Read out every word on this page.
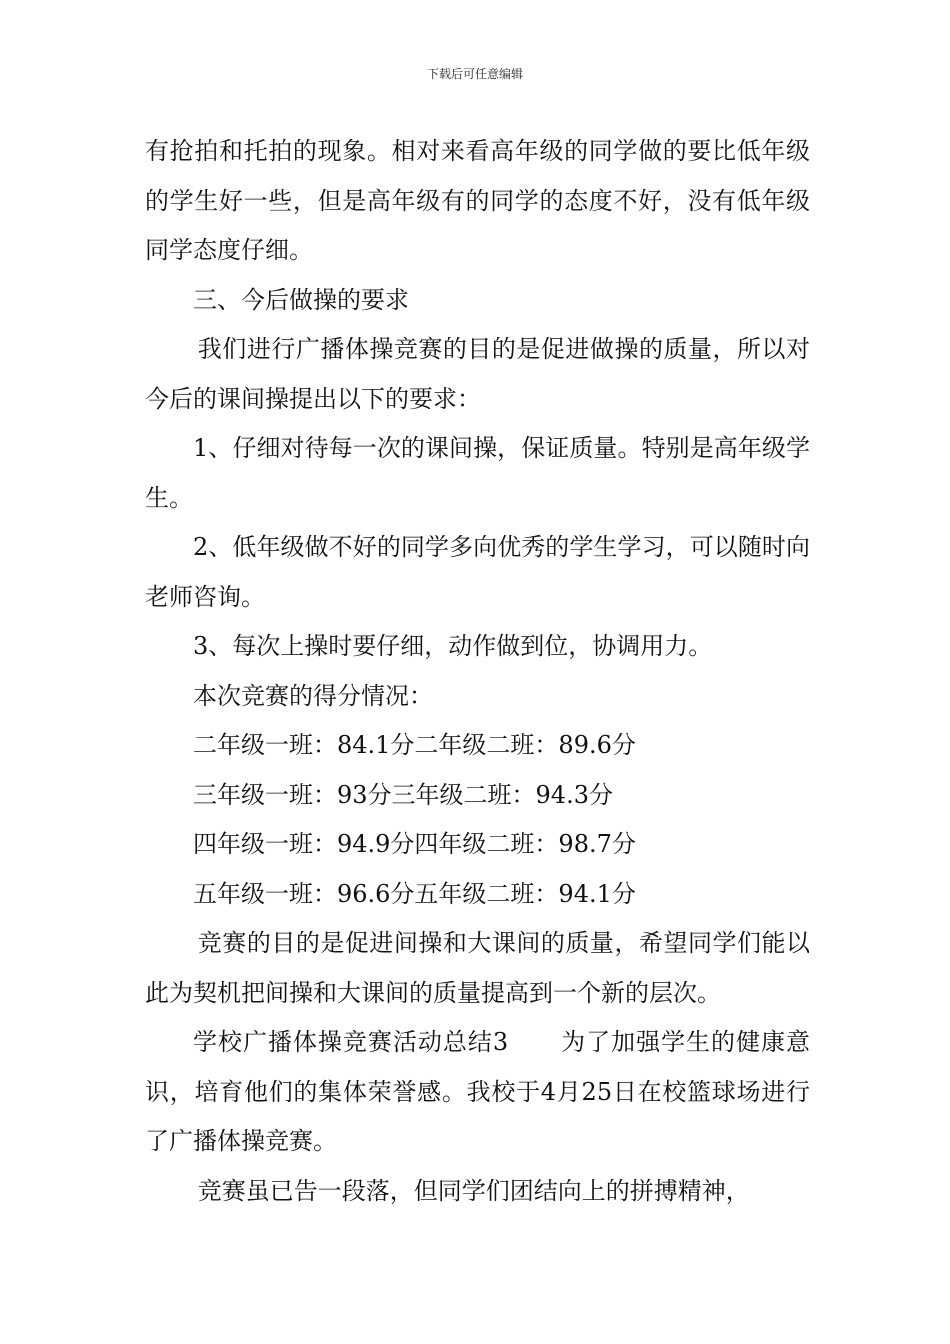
下载后可任意编辑

有抢拍和托拍的现象。相对来看高年级的同学做的要比低年级的学生好一些，但是高年级有的同学的态度不好，没有低年级同学态度仔细。

三、今后做操的要求

我们进行广播体操竞赛的目的是促进做操的质量，所以对今后的课间操提出以下的要求：

1、仔细对待每一次的课间操，保证质量。特别是高年级学生。

2、低年级做不好的同学多向优秀的学生学习，可以随时向老师咨询。

3、每次上操时要仔细，动作做到位，协调用力。

本次竞赛的得分情况：

二年级一班：84.1分二年级二班：89.6分

三年级一班：93分三年级二班：94.3分

四年级一班：94.9分四年级二班：98.7分

五年级一班：96.6分五年级二班：94.1分

竞赛的目的是促进间操和大课间的质量，希望同学们能以此为契机把间操和大课间的质量提高到一个新的层次。

学校广播体操竞赛活动总结3 为了加强学生的健康意识，培育他们的集体荣誉感。我校于4月25日在校篮球场进行了广播体操竞赛。

竞赛虽已告一段落，但同学们团结向上的拼搏精神，
